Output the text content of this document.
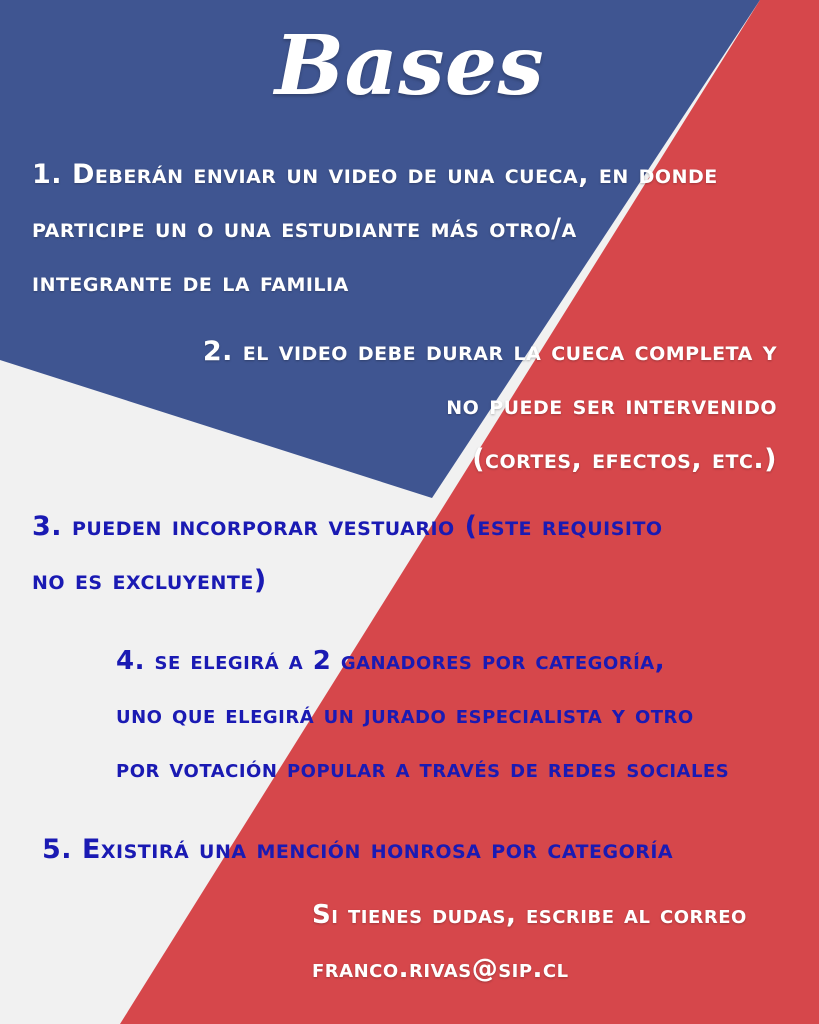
Bases
1. Deberán enviar un video de una cueca, en donde
participe un o una estudiante más otro/a
integrante de la familia
2. el video debe durar la cueca completa y
no puede ser intervenido
(cortes, efectos, etc.)
3. pueden incorporar vestuario (este requisito
no es excluyente)
4. se elegirá a 2 ganadores por categoría,
uno que elegirá un jurado especialista y otro
por votación popular a través de redes sociales
5. Existirá una mención honrosa por categoría
Si tienes dudas, escribe al correo
franco.rivas@sip.cl
